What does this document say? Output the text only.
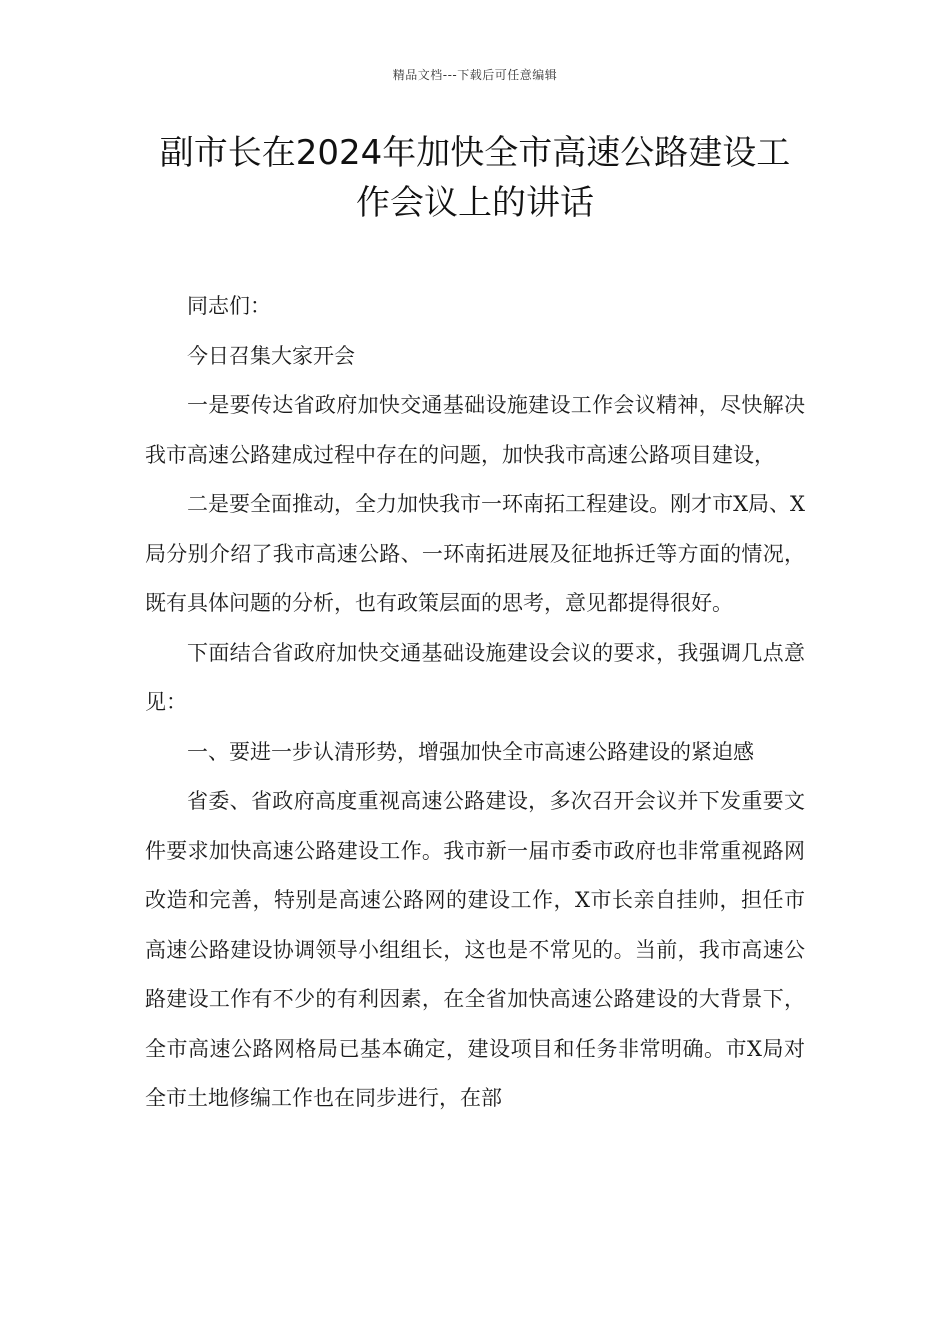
精品文档---下载后可任意编辑
副市长在2024年加快全市高速公路建设工作会议上的讲话

同志们：

今日召集大家开会

一是要传达省政府加快交通基础设施建设工作会议精神，尽快解决我市高速公路建成过程中存在的问题，加快我市高速公路项目建设，

二是要全面推动，全力加快我市一环南拓工程建设。刚才市X局、X局分别介绍了我市高速公路、一环南拓进展及征地拆迁等方面的情况，既有具体问题的分析，也有政策层面的思考，意见都提得很好。

下面结合省政府加快交通基础设施建设会议的要求，我强调几点意见：

一、要进一步认清形势，增强加快全市高速公路建设的紧迫感

省委、省政府高度重视高速公路建设，多次召开会议并下发重要文件要求加快高速公路建设工作。我市新一届市委市政府也非常重视路网改造和完善，特别是高速公路网的建设工作，X市长亲自挂帅，担任市高速公路建设协调领导小组组长，这也是不常见的。当前，我市高速公路建设工作有不少的有利因素，在全省加快高速公路建设的大背景下，全市高速公路网格局已基本确定，建设项目和任务非常明确。市X局对全市土地修编工作也在同步进行，在部
